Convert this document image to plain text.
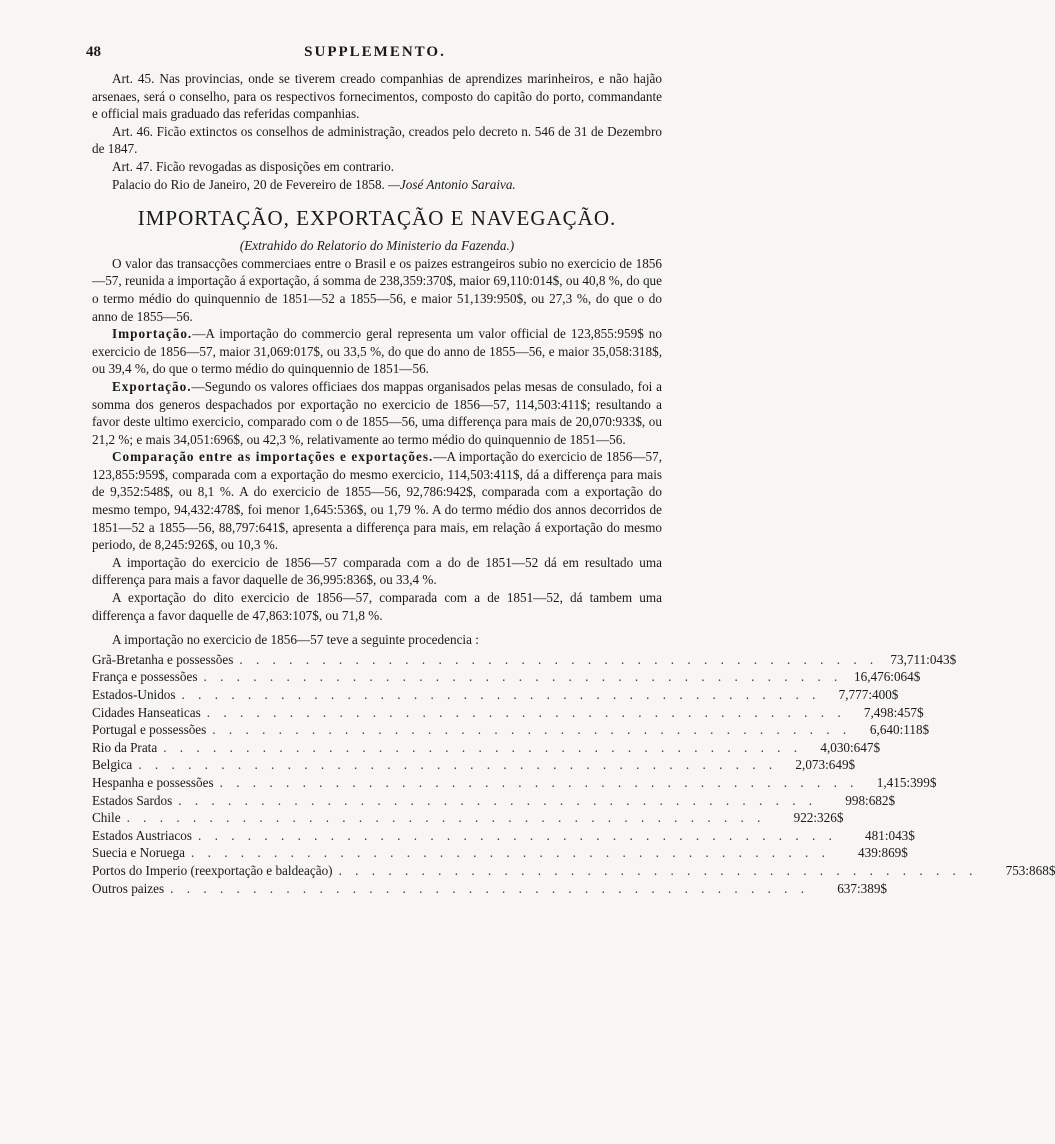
48	SUPPLEMENTO.

Art. 45. Nas provincias, onde se tiverem creado companhias de aprendizes marinheiros, e não hajão arsenaes, será o conselho, para os respectivos fornecimentos, composto do capitão do porto, commandante e official mais graduado das referidas companhias.

Art. 46. Ficão extinctos os conselhos de administração, creados pelo decreto n. 546 de 31 de Dezembro de 1847.

Art. 47. Ficão revogadas as disposições em contrario.

Palacio do Rio de Janeiro, 20 de Fevereiro de 1858. —José Antonio Saraiva.

IMPORTAÇÃO, EXPORTAÇÃO E NAVEGAÇÃO.

(Extrahido do Relatorio do Ministerio da Fazenda.)

O valor das transacções commerciaes entre o Brasil e os paizes estrangeiros subio no exercicio de 1856—57, reunida a importação á exportação, á somma de 238,359:370$, maior 69,110:014$, ou 40,8 %, do que o termo médio do quinquennio de 1851—52 a 1855—56, e maior 51,139:950$, ou 27,3 %, do que o do anno de 1855—56.

Importação.—A importação do commercio geral representa um valor official de 123,855:959$ no exercicio de 1856—57, maior 31,069:017$, ou 33,5 %, do que do anno de 1855—56, e maior 35,058:318$, ou 39,4 %, do que o termo médio do quinquennio de 1851—56.

Exportação.—Segundo os valores officiaes dos mappas organisados pelas mesas de consulado, foi a somma dos generos despachados por exportação no exercicio de 1856—57, 114,503:411$; resultando a favor deste ultimo exercicio, comparado com o de 1855—56, uma differença para mais de 20,070:933$, ou 21,2 %; e mais 34,051:696$, ou 42,3 %, relativamente ao termo médio do quinquennio de 1851—56.

Comparação entre as importações e exportações.—A importação do exercicio de 1856—57, 123,855:959$, comparada com a exportação do mesmo exercicio, 114,503:411$, dá a differença para mais de 9,352:548$, ou 8,1 %. A do exercicio de 1855—56, 92,786:942$, comparada com a exportação do mesmo tempo, 94,432:478$, foi menor 1,645:536$, ou 1,79 %. A do termo médio dos annos decorridos de 1851—52 a 1855—56, 88,797:641$, apresenta a differença para mais, em relação á exportação do mesmo periodo, de 8,245:926$, ou 10,3 %.

A importação do exercicio de 1856—57 comparada com a do de 1851—52 dá em resultado uma differença para mais a favor daquelle de 36,995:836$, ou 33,4 %.

A exportação do dito exercicio de 1856—57, comparada com a de 1851—52, dá tambem uma differença a favor daquelle de 47,863:107$, ou 71,8 %.

A importação no exercicio de 1856—57 teve a seguinte procedencia :

Grã-Bretanha e possessões . . . . . . . . . . . . . . . . . . . . . . . . . . . . . . . . . . . . . . . 73,711:043$
França e possessões . . . . . . . . . . . . . . . . . . . . . . . . . . . . . . . . . . . . . . . 16,476:064$
Estados-Unidos . . . . . . . . . . . . . . . . . . . . . . . . . . . . . . . . . . . . . . .	7,777:400$
Cidades Hanseaticas . . . . . . . . . . . . . . . . . . . . . . . . . . . . . . . . . . . . . . .	7,498:457$
Portugal e possessões . . . . . . . . . . . . . . . . . . . . . . . . . . . . . . . . . . . . . . .	6,640:118$
Rio da Prata . . . . . . . . . . . . . . . . . . . . . . . . . . . . . . . . . . . . . . .	4,030:647$
Belgica . . . . . . . . . . . . . . . . . . . . . . . . . . . . . . . . . . . . . . .	2,073:649$
Hespanha e possessões . . . . . . . . . . . . . . . . . . . . . . . . . . . . . . . . . . . . . . .	1,415:399$
Estados Sardos . . . . . . . . . . . . . . . . . . . . . . . . . . . . . . . . . . . . . . .	998:682$
Chile . . . . . . . . . . . . . . . . . . . . . . . . . . . . . . . . . . . . . . .	922:326$
Estados Austriacos . . . . . . . . . . . . . . . . . . . . . . . . . . . . . . . . . . . . . . .	481:043$
Suecia e Noruega . . . . . . . . . . . . . . . . . . . . . . . . . . . . . . . . . . . . . . .	439:869$
Portos do Imperio (reexportação e baldeação) . . . . . . . . . . . . . . . . . . . . . . . . . . . . . . . . . . . . . . .	753:868$
Outros paizes . . . . . . . . . . . . . . . . . . . . . . . . . . . . . . . . . . . . . . .	637:389$
